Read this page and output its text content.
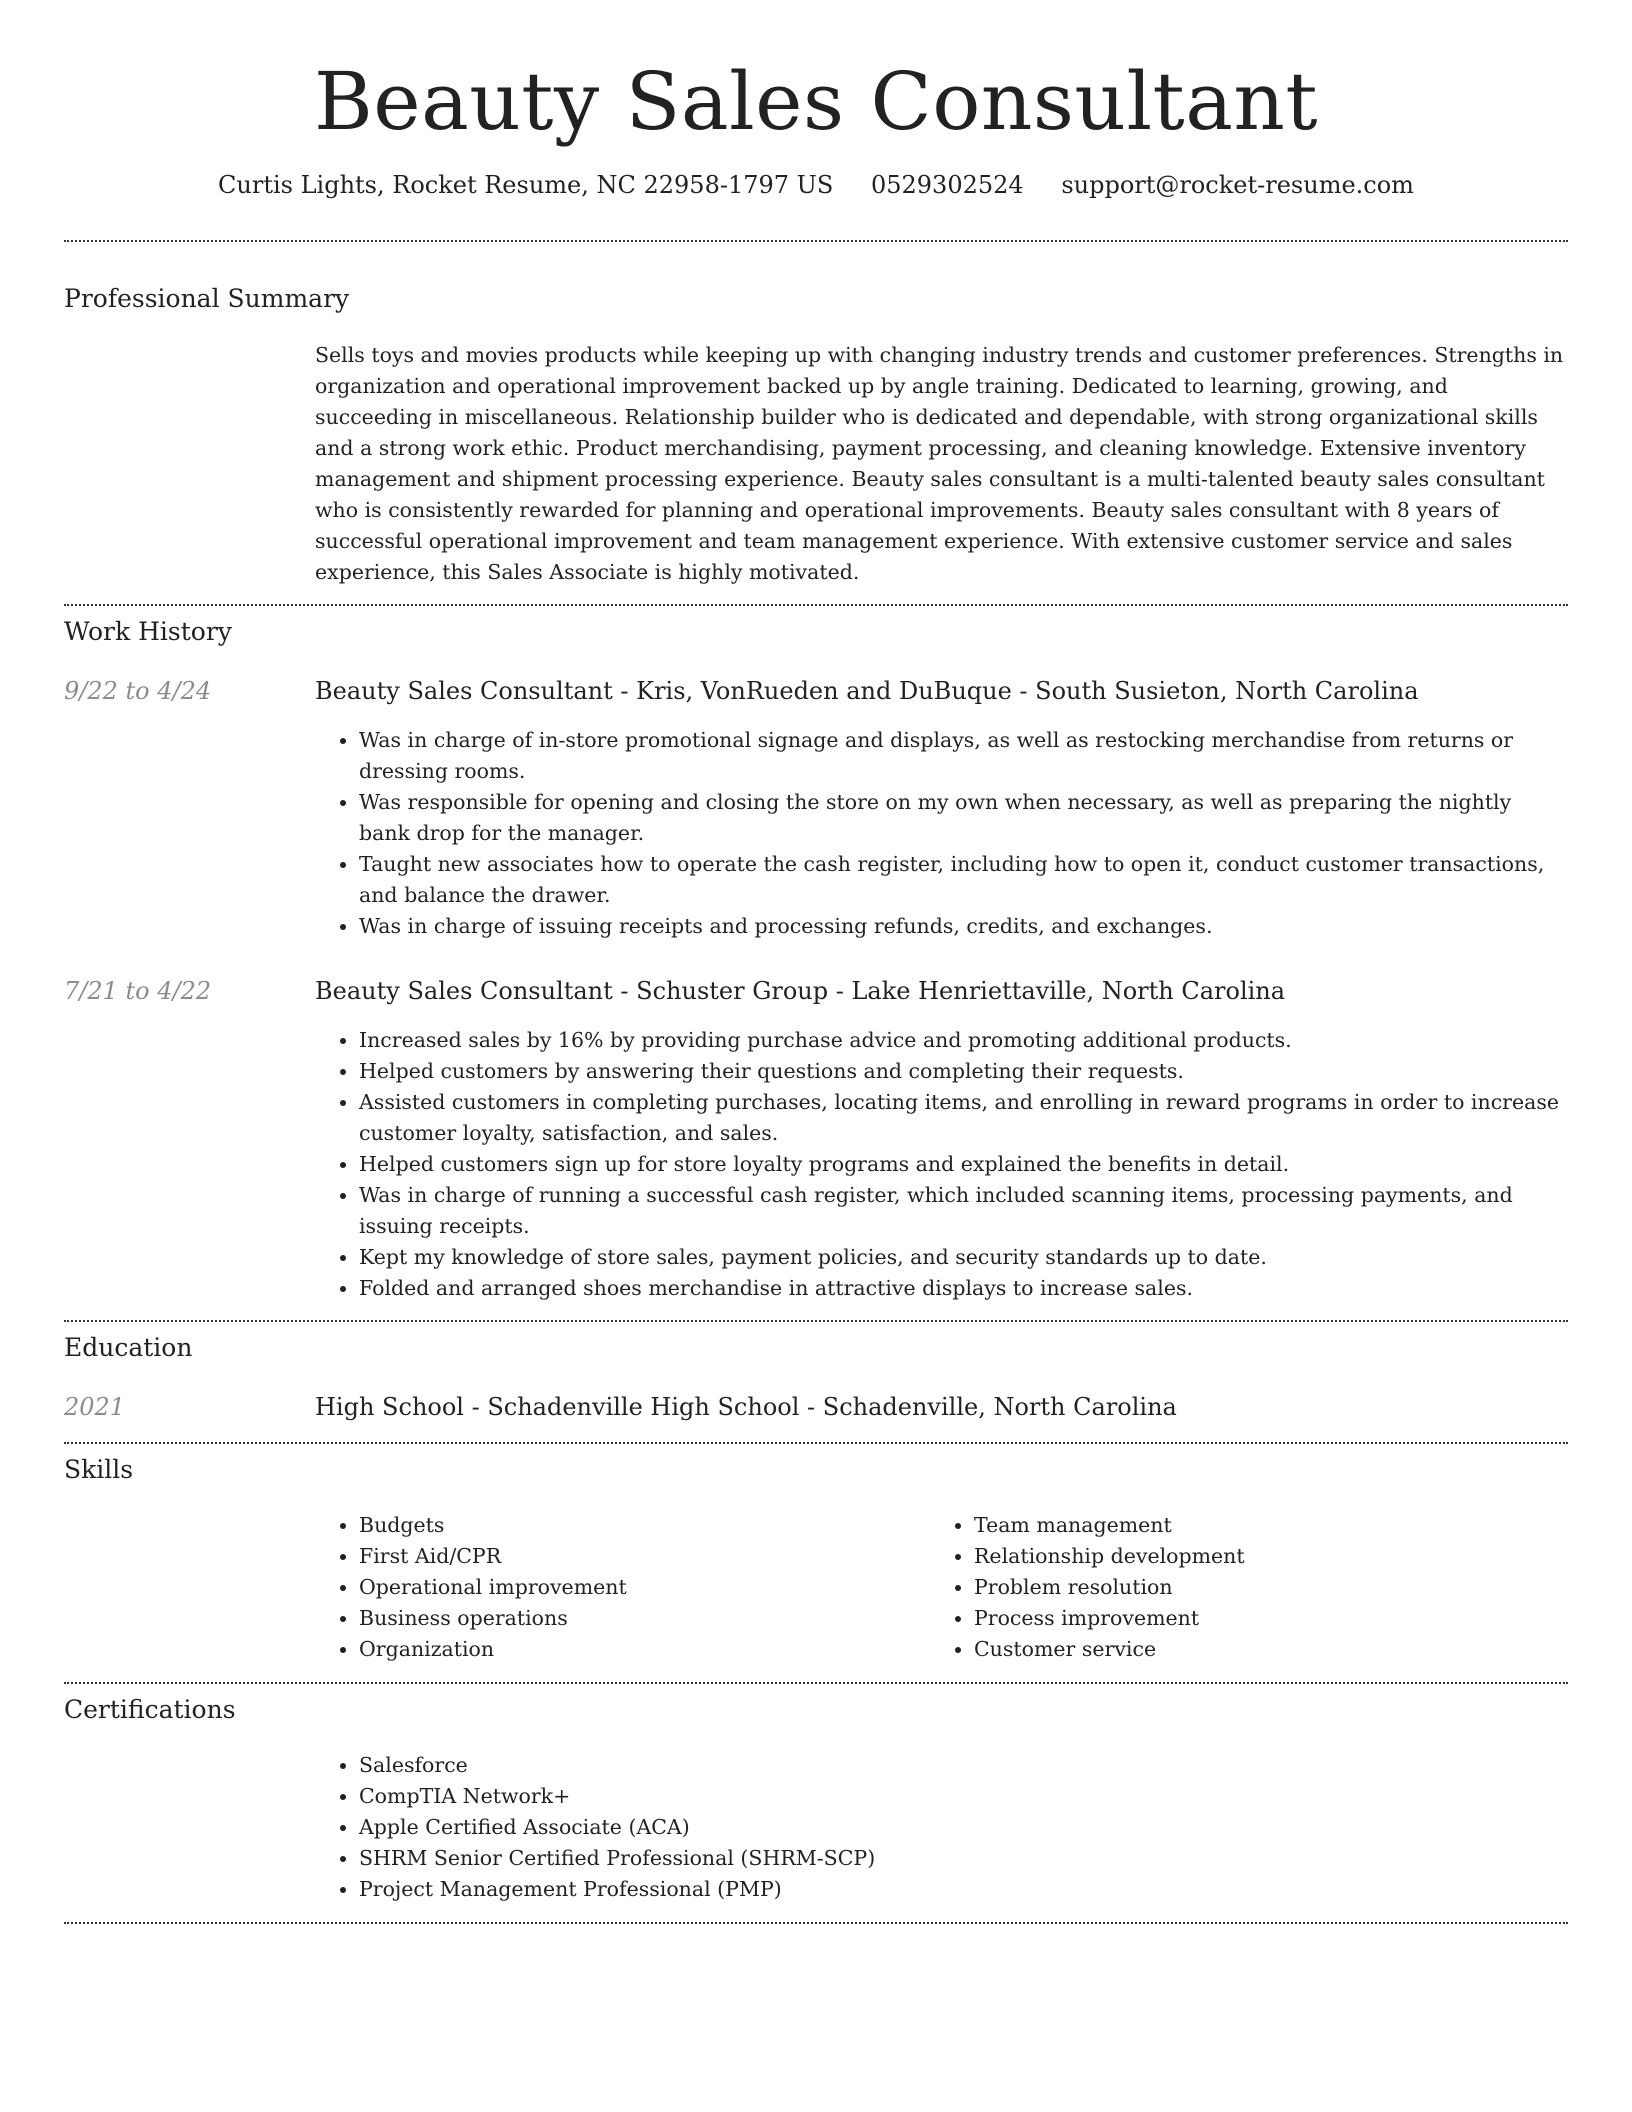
Beauty Sales Consultant
Curtis Lights, Rocket Resume, NC 22958-1797 US 0529302524 support@rocket-resume.com
Professional Summary
Sells toys and movies products while keeping up with changing industry trends and customer preferences. Strengths in organization and operational improvement backed up by angle training. Dedicated to learning, growing, and succeeding in miscellaneous. Relationship builder who is dedicated and dependable, with strong organizational skills and a strong work ethic. Product merchandising, payment processing, and cleaning knowledge. Extensive inventory management and shipment processing experience. Beauty sales consultant is a multi-talented beauty sales consultant who is consistently rewarded for planning and operational improvements. Beauty sales consultant with 8 years of successful operational improvement and team management experience. With extensive customer service and sales experience, this Sales Associate is highly motivated.
Work History
9/22 to 4/24	Beauty Sales Consultant - Kris, VonRueden and DuBuque - South Susieton, North Carolina
• Was in charge of in-store promotional signage and displays, as well as restocking merchandise from returns or dressing rooms.
• Was responsible for opening and closing the store on my own when necessary, as well as preparing the nightly bank drop for the manager.
• Taught new associates how to operate the cash register, including how to open it, conduct customer transactions, and balance the drawer.
• Was in charge of issuing receipts and processing refunds, credits, and exchanges.
7/21 to 4/22	Beauty Sales Consultant - Schuster Group - Lake Henriettaville, North Carolina
• Increased sales by 16% by providing purchase advice and promoting additional products.
• Helped customers by answering their questions and completing their requests.
• Assisted customers in completing purchases, locating items, and enrolling in reward programs in order to increase customer loyalty, satisfaction, and sales.
• Helped customers sign up for store loyalty programs and explained the benefits in detail.
• Was in charge of running a successful cash register, which included scanning items, processing payments, and issuing receipts.
• Kept my knowledge of store sales, payment policies, and security standards up to date.
• Folded and arranged shoes merchandise in attractive displays to increase sales.
Education
2021	High School - Schadenville High School - Schadenville, North Carolina
Skills
• Budgets
• First Aid/CPR
• Operational improvement
• Business operations
• Organization
• Team management
• Relationship development
• Problem resolution
• Process improvement
• Customer service
Certifications
• Salesforce
• CompTIA Network+
• Apple Certified Associate (ACA)
• SHRM Senior Certified Professional (SHRM-SCP)
• Project Management Professional (PMP)
